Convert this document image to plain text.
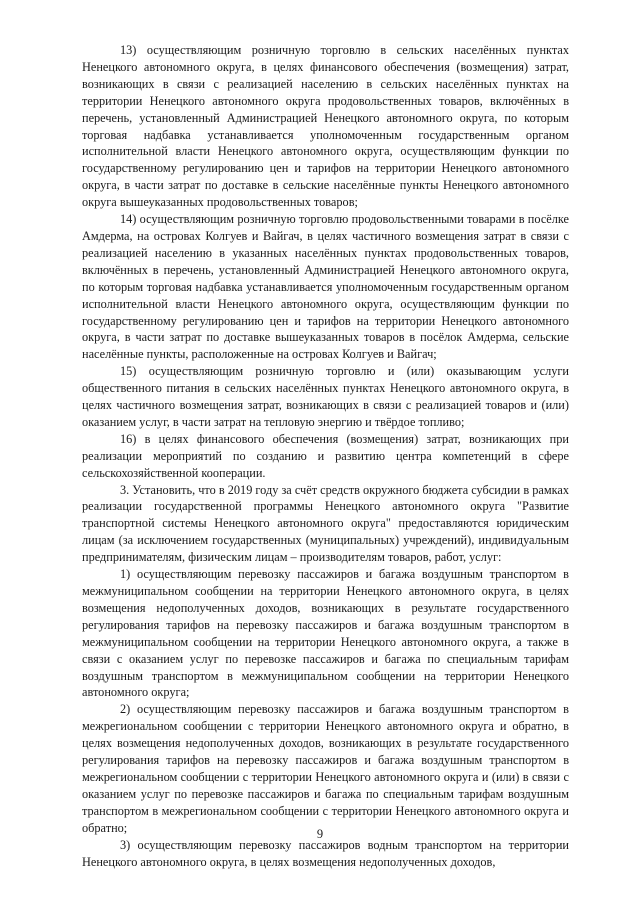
13) осуществляющим розничную торговлю в сельских населённых пунктах Ненецкого автономного округа, в целях финансового обеспечения (возмещения) затрат, возникающих в связи с реализацией населению в сельских населённых пунктах на территории Ненецкого автономного округа продовольственных товаров, включённых в перечень, установленный Администрацией Ненецкого автономного округа, по которым торговая надбавка устанавливается уполномоченным государственным органом исполнительной власти Ненецкого автономного округа, осуществляющим функции по государственному регулированию цен и тарифов на территории Ненецкого автономного округа, в части затрат по доставке в сельские населённые пункты Ненецкого автономного округа вышеуказанных продовольственных товаров;

14) осуществляющим розничную торговлю продовольственными товарами в посёлке Амдерма, на островах Колгуев и Вайгач, в целях частичного возмещения затрат в связи с реализацией населению в указанных населённых пунктах продовольственных товаров, включённых в перечень, установленный Администрацией Ненецкого автономного округа, по которым торговая надбавка устанавливается уполномоченным государственным органом исполнительной власти Ненецкого автономного округа, осуществляющим функции по государственному регулированию цен и тарифов на территории Ненецкого автономного округа, в части затрат по доставке вышеуказанных товаров в посёлок Амдерма, сельские населённые пункты, расположенные на островах Колгуев и Вайгач;

15) осуществляющим розничную торговлю и (или) оказывающим услуги общественного питания в сельских населённых пунктах Ненецкого автономного округа, в целях частичного возмещения затрат, возникающих в связи с реализацией товаров и (или) оказанием услуг, в части затрат на тепловую энергию и твёрдое топливо;

16) в целях финансового обеспечения (возмещения) затрат, возникающих при реализации мероприятий по созданию и развитию центра компетенций в сфере сельскохозяйственной кооперации.

3. Установить, что в 2019 году за счёт средств окружного бюджета субсидии в рамках реализации государственной программы Ненецкого автономного округа "Развитие транспортной системы Ненецкого автономного округа" предоставляются юридическим лицам (за исключением государственных (муниципальных) учреждений), индивидуальным предпринимателям, физическим лицам – производителям товаров, работ, услуг:

1) осуществляющим перевозку пассажиров и багажа воздушным транспортом в межмуниципальном сообщении на территории Ненецкого автономного округа, в целях возмещения недополученных доходов, возникающих в результате государственного регулирования тарифов на перевозку пассажиров и багажа воздушным транспортом в межмуниципальном сообщении на территории Ненецкого автономного округа, а также в связи с оказанием услуг по перевозке пассажиров и багажа по специальным тарифам воздушным транспортом в межмуниципальном сообщении на территории Ненецкого автономного округа;

2) осуществляющим перевозку пассажиров и багажа воздушным транспортом в межрегиональном сообщении с территории Ненецкого автономного округа и обратно, в целях возмещения недополученных доходов, возникающих в результате государственного регулирования тарифов на перевозку пассажиров и багажа воздушным транспортом в межрегиональном сообщении с территории Ненецкого автономного округа и (или) в связи с оказанием услуг по перевозке пассажиров и багажа по специальным тарифам воздушным транспортом в межрегиональном сообщении с территории Ненецкого автономного округа и обратно;

3) осуществляющим перевозку пассажиров водным транспортом на территории Ненецкого автономного округа, в целях возмещения недополученных доходов,

9
